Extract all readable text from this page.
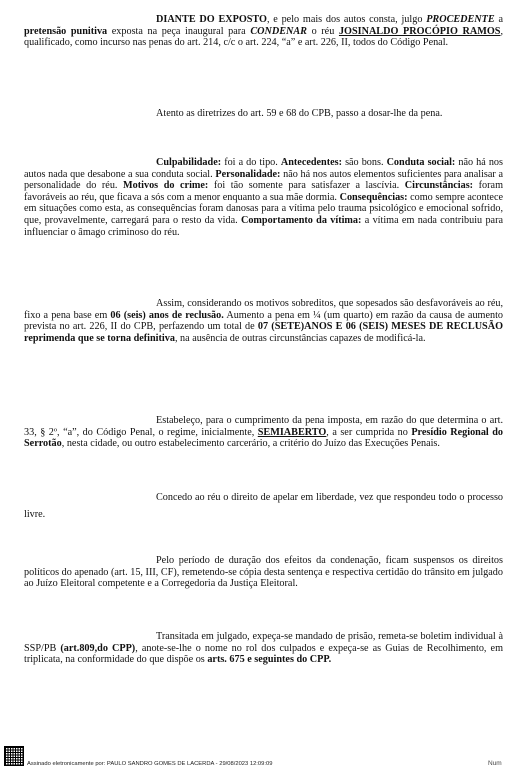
DIANTE DO EXPOSTO, e pelo mais dos autos consta, julgo PROCEDENTE a pretensão punitiva exposta na peça inaugural para CONDENAR o réu JOSINALDO PROCÓPIO RAMOS, qualificado, como incurso nas penas do art. 214, c/c o art. 224, “a” e art. 226, II, todos do Código Penal.

Atento as diretrizes do art. 59 e 68 do CPB, passo a dosar-lhe da pena.

Culpabilidade: foi a do tipo. Antecedentes: são bons. Conduta social: não há nos autos nada que desabone a sua conduta social. Personalidade: não há nos autos elementos suficientes para analisar a personalidade do réu. Motivos do crime: foi tão somente para satisfazer a lascívia. Circunstâncias: foram favoráveis ao réu, que ficava a sós com a menor enquanto a sua mãe dormia. Consequências: como sempre acontece em situações como esta, as consequências foram danosas para a vítima pelo trauma psicológico e emocional sofrido, que, provavelmente, carregará para o resto da vida. Comportamento da vítima: a vítima em nada contribuiu para influenciar o âmago criminoso do réu.

Assim, considerando os motivos sobreditos, que sopesados são desfavoráveis ao réu, fixo a pena base em 06 (seis) anos de reclusão. Aumento a pena em ¼ (um quarto) em razão da causa de aumento prevista no art. 226, II do CPB, perfazendo um total de 07 (SETE)ANOS E 06 (SEIS) MESES DE RECLUSÃO reprimenda que se torna definitiva, na ausência de outras circunstâncias capazes de modificá-la.

Estabeleço, para o cumprimento da pena imposta, em razão do que determina o art. 33, § 2º, “a”, do Código Penal, o regime, inicialmente, SEMIABERTO, a ser cumprida no Presídio Regional do Serrotão, nesta cidade, ou outro estabelecimento carcerário, a critério do Juízo das Execuções Penais.

Concedo ao réu o direito de apelar em liberdade, vez que respondeu todo o processo livre.

Pelo período de duração dos efeitos da condenação, ficam suspensos os direitos políticos do apenado (art. 15, III, CF), remetendo-se cópia desta sentença e respectiva certidão do trânsito em julgado ao Juízo Eleitoral competente e a Corregedoria da Justiça Eleitoral.

Transitada em julgado, expeça-se mandado de prisão, remeta-se boletim individual à SSP/PB (art.809,do CPP), anote-se-lhe o nome no rol dos culpados e expeça-se as Guias de Recolhimento, em triplicata, na conformidade do que dispõe os arts. 675 e seguintes do CPP.

Assinado eletronicamente por: PAULO SANDRO GOMES DE LACERDA - 29/08/2023 12:09:09	Num
